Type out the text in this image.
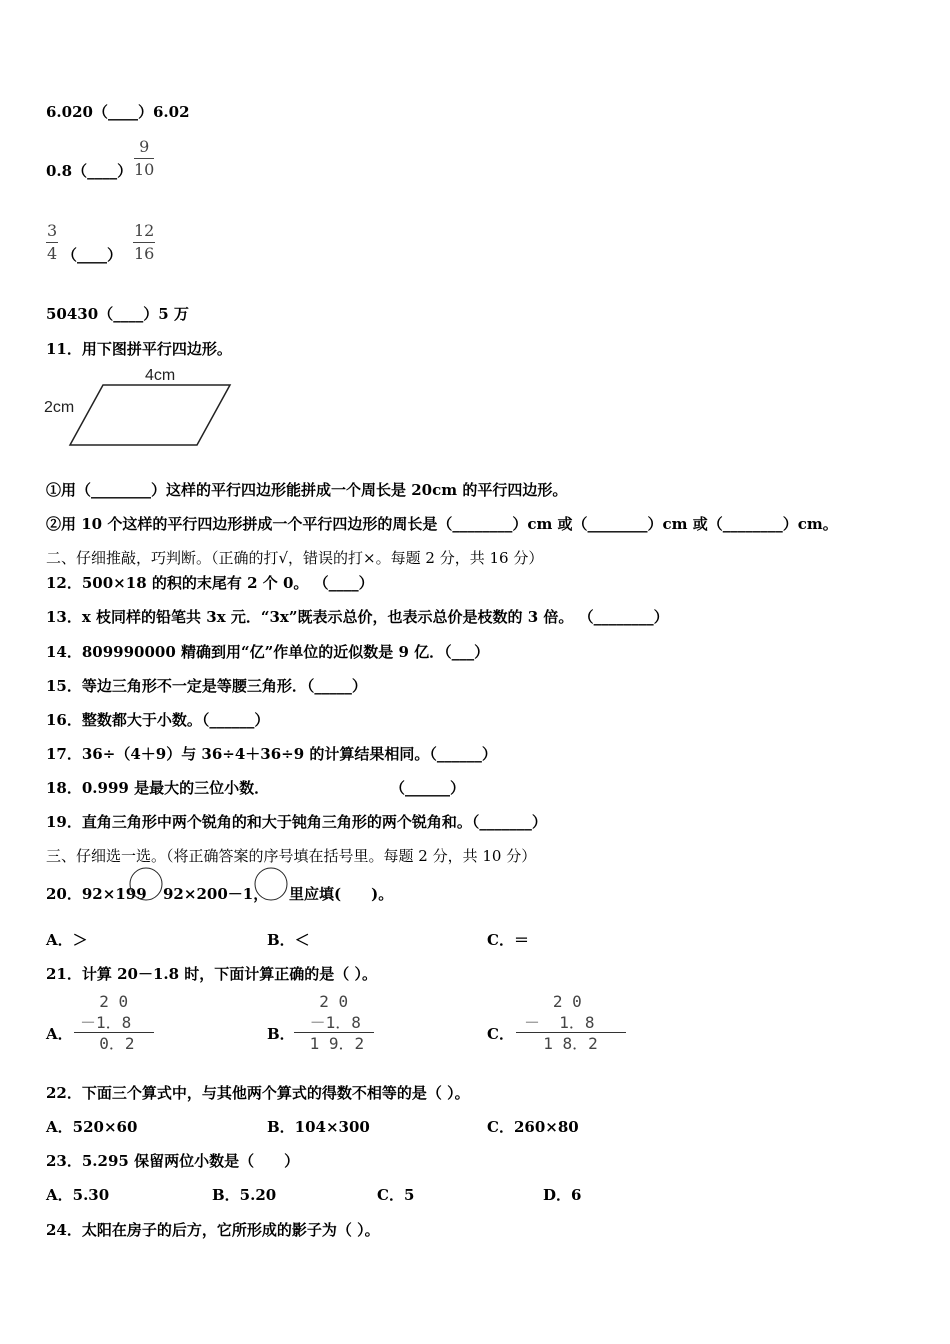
6.020（____）6.02
0.8（____） $\frac{9}{10}$
$\frac{3}{4}$ （____） $\frac{12}{16}$
50430（____）5 万
11．用下图拼平行四边形。
4cm
2cm
①用（________）这样的平行四边形能拼成一个周长是 20cm 的平行四边形。
②用 10 个这样的平行四边形拼成一个平行四边形的周长是（________）cm 或（________）cm 或（________）cm。
二、仔细推敲，巧判断。（正确的打√，错误的打×。每题 2 分，共 16 分）
12．500×18 的积的末尾有 2 个 0。 （____）
13．x 枝同样的铅笔共 3x 元．“3x”既表示总价，也表示总价是枝数的 3 倍。 （________）
14．809990000 精确到用“亿”作单位的近似数是 9 亿．（___）
15．等边三角形不一定是等腰三角形．（_____）
16．整数都大于小数。（______）
17．36÷（4＋9）与 36÷4＋36÷9 的计算结果相同。（______）
18．0.999 是最大的三位小数．	（______）
19．直角三角形中两个锐角的和大于钝角三角形的两个锐角和。（_______）
三、仔细选一选。（将正确答案的序号填在括号里。每题 2 分，共 10 分）
20．92×199 92×200－1， 里应填(　　)。
A．＞	B．＜	C．＝
21．计算 20－1.8 时，下面计算正确的是（ ）。
A．
2 0
－1．8
0．2	B．
2 0
－1．8
1 9．2	C．
2 0
－  1．8
1 8．2
22．下面三个算式中，与其他两个算式的得数不相等的是（ ）。
A．520×60	B．104×300	C．260×80
23．5.295 保留两位小数是（　　）
A．5.30	B．5.20	C．5	D．6
24．太阳在房子的后方，它所形成的影子为（ ）。
